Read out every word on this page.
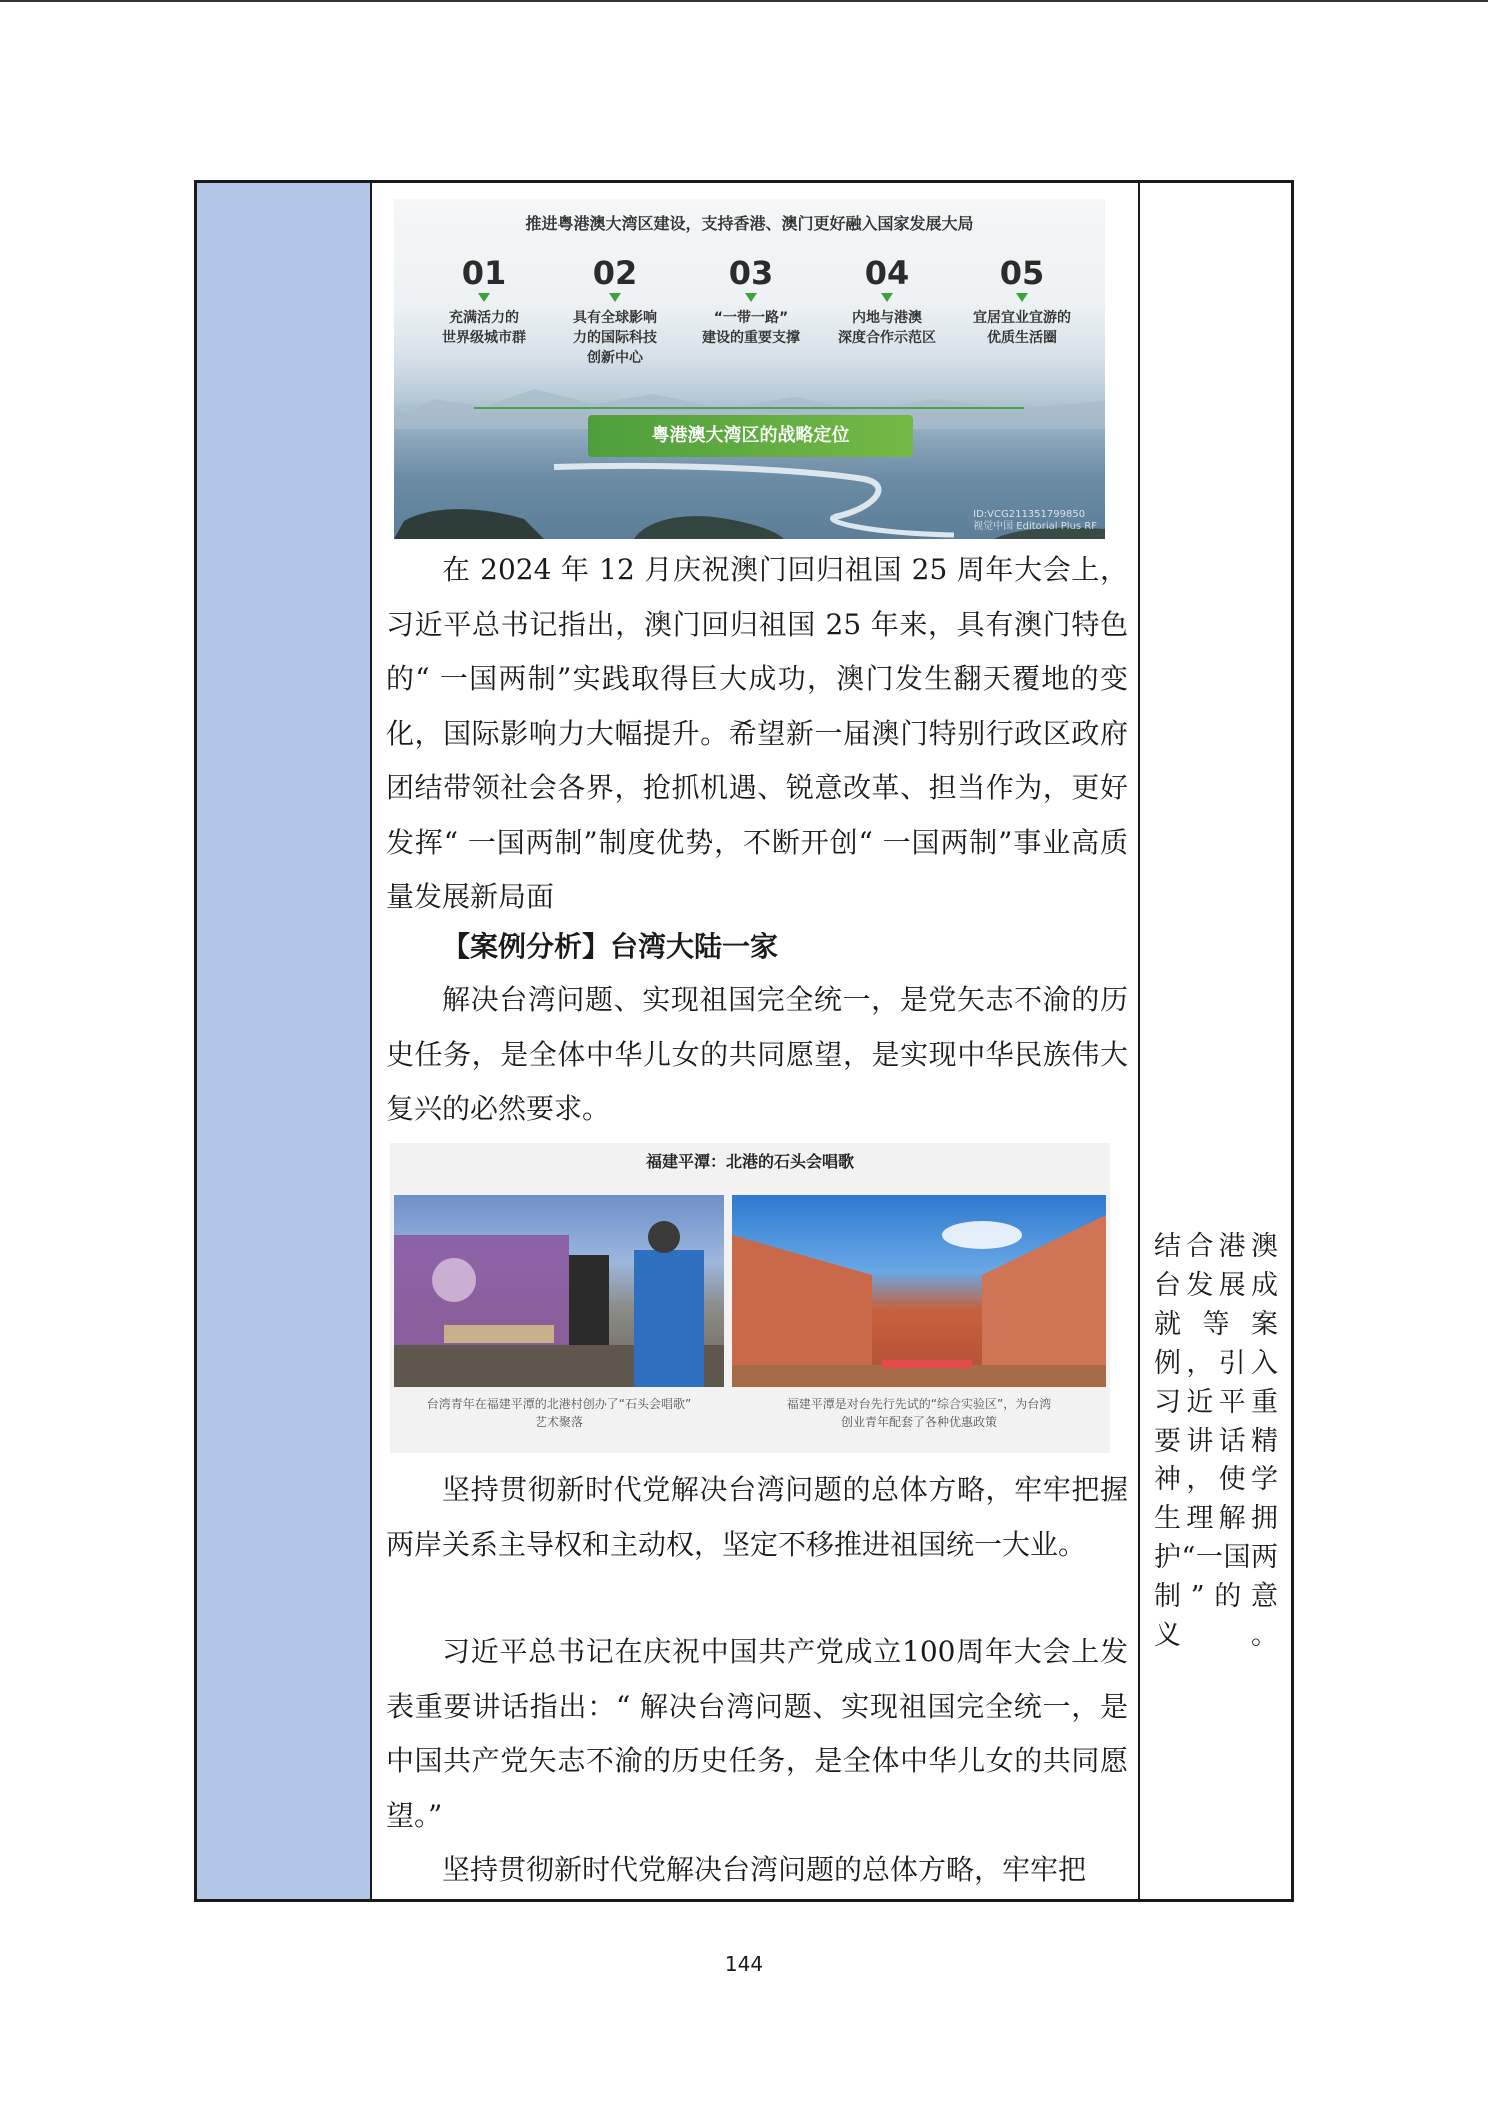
推进粤港澳大湾区建设，支持香港、澳门更好融入国家发展大局
01
充满活力的
世界级城市群
02
具有全球影响
力的国际科技
创新中心
03
“一带一路”
建设的重要支撑
04
内地与港澳
深度合作示范区
05
宜居宜业宜游的
优质生活圈
粤港澳大湾区的战略定位
ID:VCG211351799850
视觉中国 Editorial Plus RF

在 2024 年 12 月庆祝澳门回归祖国 25 周年大会上，习近平总书记指出，澳门回归祖国 25 年来，具有澳门特色的“ 一国两制”实践取得巨大成功，澳门发生翻天覆地的变化，国际影响力大幅提升。希望新一届澳门特别行政区政府团结带领社会各界，抢抓机遇、锐意改革、担当作为，更好发挥“ 一国两制”制度优势，不断开创“ 一国两制”事业高质量发展新局面

【案例分析】台湾大陆一家

解决台湾问题、实现祖国完全统一，是党矢志不渝的历史任务，是全体中华儿女的共同愿望，是实现中华民族伟大复兴的必然要求。

福建平潭：北港的石头会唱歌
台湾青年在福建平潭的北港村创办了“石头会唱歌”
艺术聚落
福建平潭是对台先行先试的“综合实验区”，为台湾
创业青年配套了各种优惠政策

坚持贯彻新时代党解决台湾问题的总体方略，牢牢把握两岸关系主导权和主动权，坚定不移推进祖国统一大业。

习近平总书记在庆祝中国共产党成立100周年大会上发表重要讲话指出：“ 解决台湾问题、实现祖国完全统一，是中国共产党矢志不渝的历史任务，是全体中华儿女的共同愿望。”

坚持贯彻新时代党解决台湾问题的总体方略，牢牢把

结合港澳台发展成就等案例，引入习近平重要讲话精神，使学生理解拥护“一国两制”的意义。

144
